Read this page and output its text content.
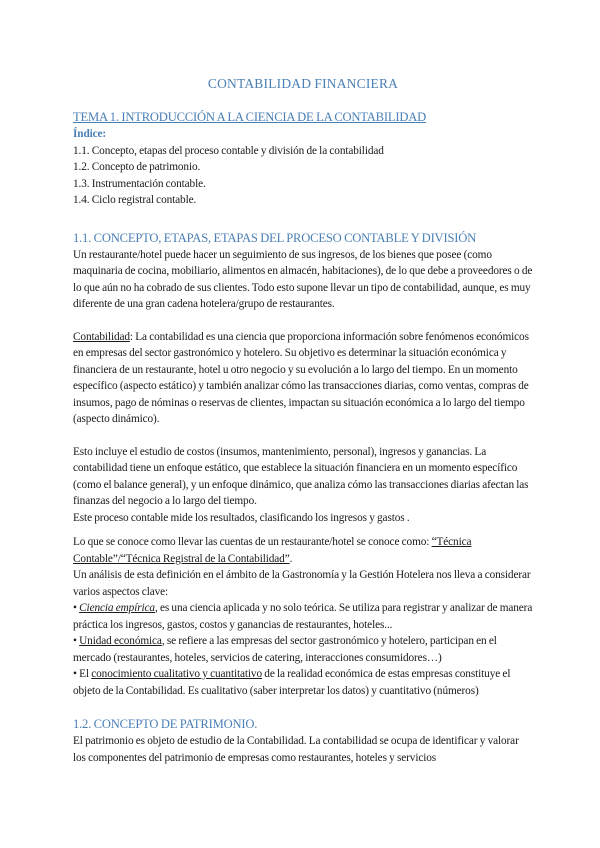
CONTABILIDAD FINANCIERA
TEMA 1. INTRODUCCIÓN A LA CIENCIA DE LA CONTABILIDAD
Índice:

1.1. Concepto, etapas del proceso contable y división de la contabilidad

1.2. Concepto de patrimonio.

1.3. Instrumentación contable.

1.4. Ciclo registral contable.

1.1. CONCEPTO, ETAPAS, ETAPAS DEL PROCESO CONTABLE Y DIVISIÓN

Un restaurante/hotel puede hacer un seguimiento de sus ingresos, de los bienes que posee (como maquinaria de cocina, mobiliario, alimentos en almacén, habitaciones), de lo que debe a proveedores o de lo que aún no ha cobrado de sus clientes. Todo esto supone llevar un tipo de contabilidad, aunque, es muy diferente de una gran cadena hotelera/grupo de restaurantes.

Contabilidad: La contabilidad es una ciencia que proporciona información sobre fenómenos económicos en empresas del sector gastronómico y hotelero. Su objetivo es determinar la situación económica y financiera de un restaurante, hotel u otro negocio y su evolución a lo largo del tiempo. En un momento específico (aspecto estático) y también analizar cómo las transacciones diarias, como ventas, compras de insumos, pago de nóminas o reservas de clientes, impactan su situación económica a lo largo del tiempo (aspecto dinámico).

Esto incluye el estudio de costos (insumos, mantenimiento, personal), ingresos y ganancias. La contabilidad tiene un enfoque estático, que establece la situación financiera en un momento específico (como el balance general), y un enfoque dinámico, que analiza cómo las transacciones diarias afectan las finanzas del negocio a lo largo del tiempo.

Este proceso contable mide los resultados, clasificando los ingresos y gastos .

Lo que se conoce como llevar las cuentas de un restaurante/hotel se conoce como: “Técnica Contable”/“Técnica Registral de la Contabilidad”.

Un análisis de esta definición en el ámbito de la Gastronomía y la Gestión Hotelera nos lleva a considerar varios aspectos clave:

• Ciencia empírica, es una ciencia aplicada y no solo teórica. Se utiliza para registrar y analizar de manera práctica los ingresos, gastos, costos y ganancias de restaurantes, hoteles...

• Unidad económica, se refiere a las empresas del sector gastronómico y hotelero, participan en el mercado (restaurantes, hoteles, servicios de catering, interacciones consumidores…)

• El conocimiento cualitativo y cuantitativo de la realidad económica de estas empresas constituye el objeto de la Contabilidad. Es cualitativo (saber interpretar los datos) y cuantitativo (números)

1.2. CONCEPTO DE PATRIMONIO.

El patrimonio es objeto de estudio de la Contabilidad. La contabilidad se ocupa de identificar y valorar los componentes del patrimonio de empresas como restaurantes, hoteles y servicios
